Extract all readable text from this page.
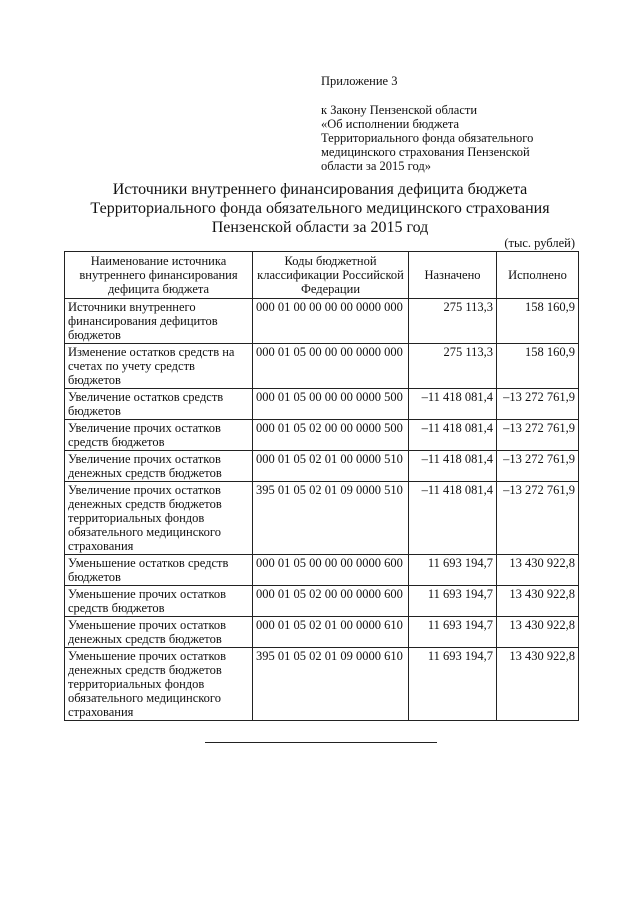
Приложение 3
к Закону Пензенской области
«Об исполнении бюджета
Территориального фонда обязательного
медицинского страхования Пензенской
области за 2015 год»
Источники внутреннего финансирования дефицита бюджета
Территориального фонда обязательного медицинского страхования
Пензенской области за 2015 год
(тыс. рублей)
Наименование источника внутреннего финансирования дефицита бюджета	Коды бюджетной классификации Российской Федерации	Назначено	Исполнено
Источники внутреннего финансирования дефицитов бюджетов	000 01 00 00 00 00 0000 000	275 113,3	158 160,9
Изменение остатков средств на счетах по учету средств бюджетов	000 01 05 00 00 00 0000 000	275 113,3	158 160,9
Увеличение остатков средств бюджетов	000 01 05 00 00 00 0000 500	–11 418 081,4	–13 272 761,9
Увеличение прочих остатков средств бюджетов	000 01 05 02 00 00 0000 500	–11 418 081,4	–13 272 761,9
Увеличение прочих остатков денежных средств бюджетов	000 01 05 02 01 00 0000 510	–11 418 081,4	–13 272 761,9
Увеличение прочих остатков денежных средств бюджетов территориальных фондов обязательного медицинского страхования	395 01 05 02 01 09 0000 510	–11 418 081,4	–13 272 761,9
Уменьшение остатков средств бюджетов	000 01 05 00 00 00 0000 600	11 693 194,7	13 430 922,8
Уменьшение прочих остатков средств бюджетов	000 01 05 02 00 00 0000 600	11 693 194,7	13 430 922,8
Уменьшение прочих остатков денежных средств бюджетов	000 01 05 02 01 00 0000 610	11 693 194,7	13 430 922,8
Уменьшение прочих остатков денежных средств бюджетов территориальных фондов обязательного медицинского страхования	395 01 05 02 01 09 0000 610	11 693 194,7	13 430 922,8
